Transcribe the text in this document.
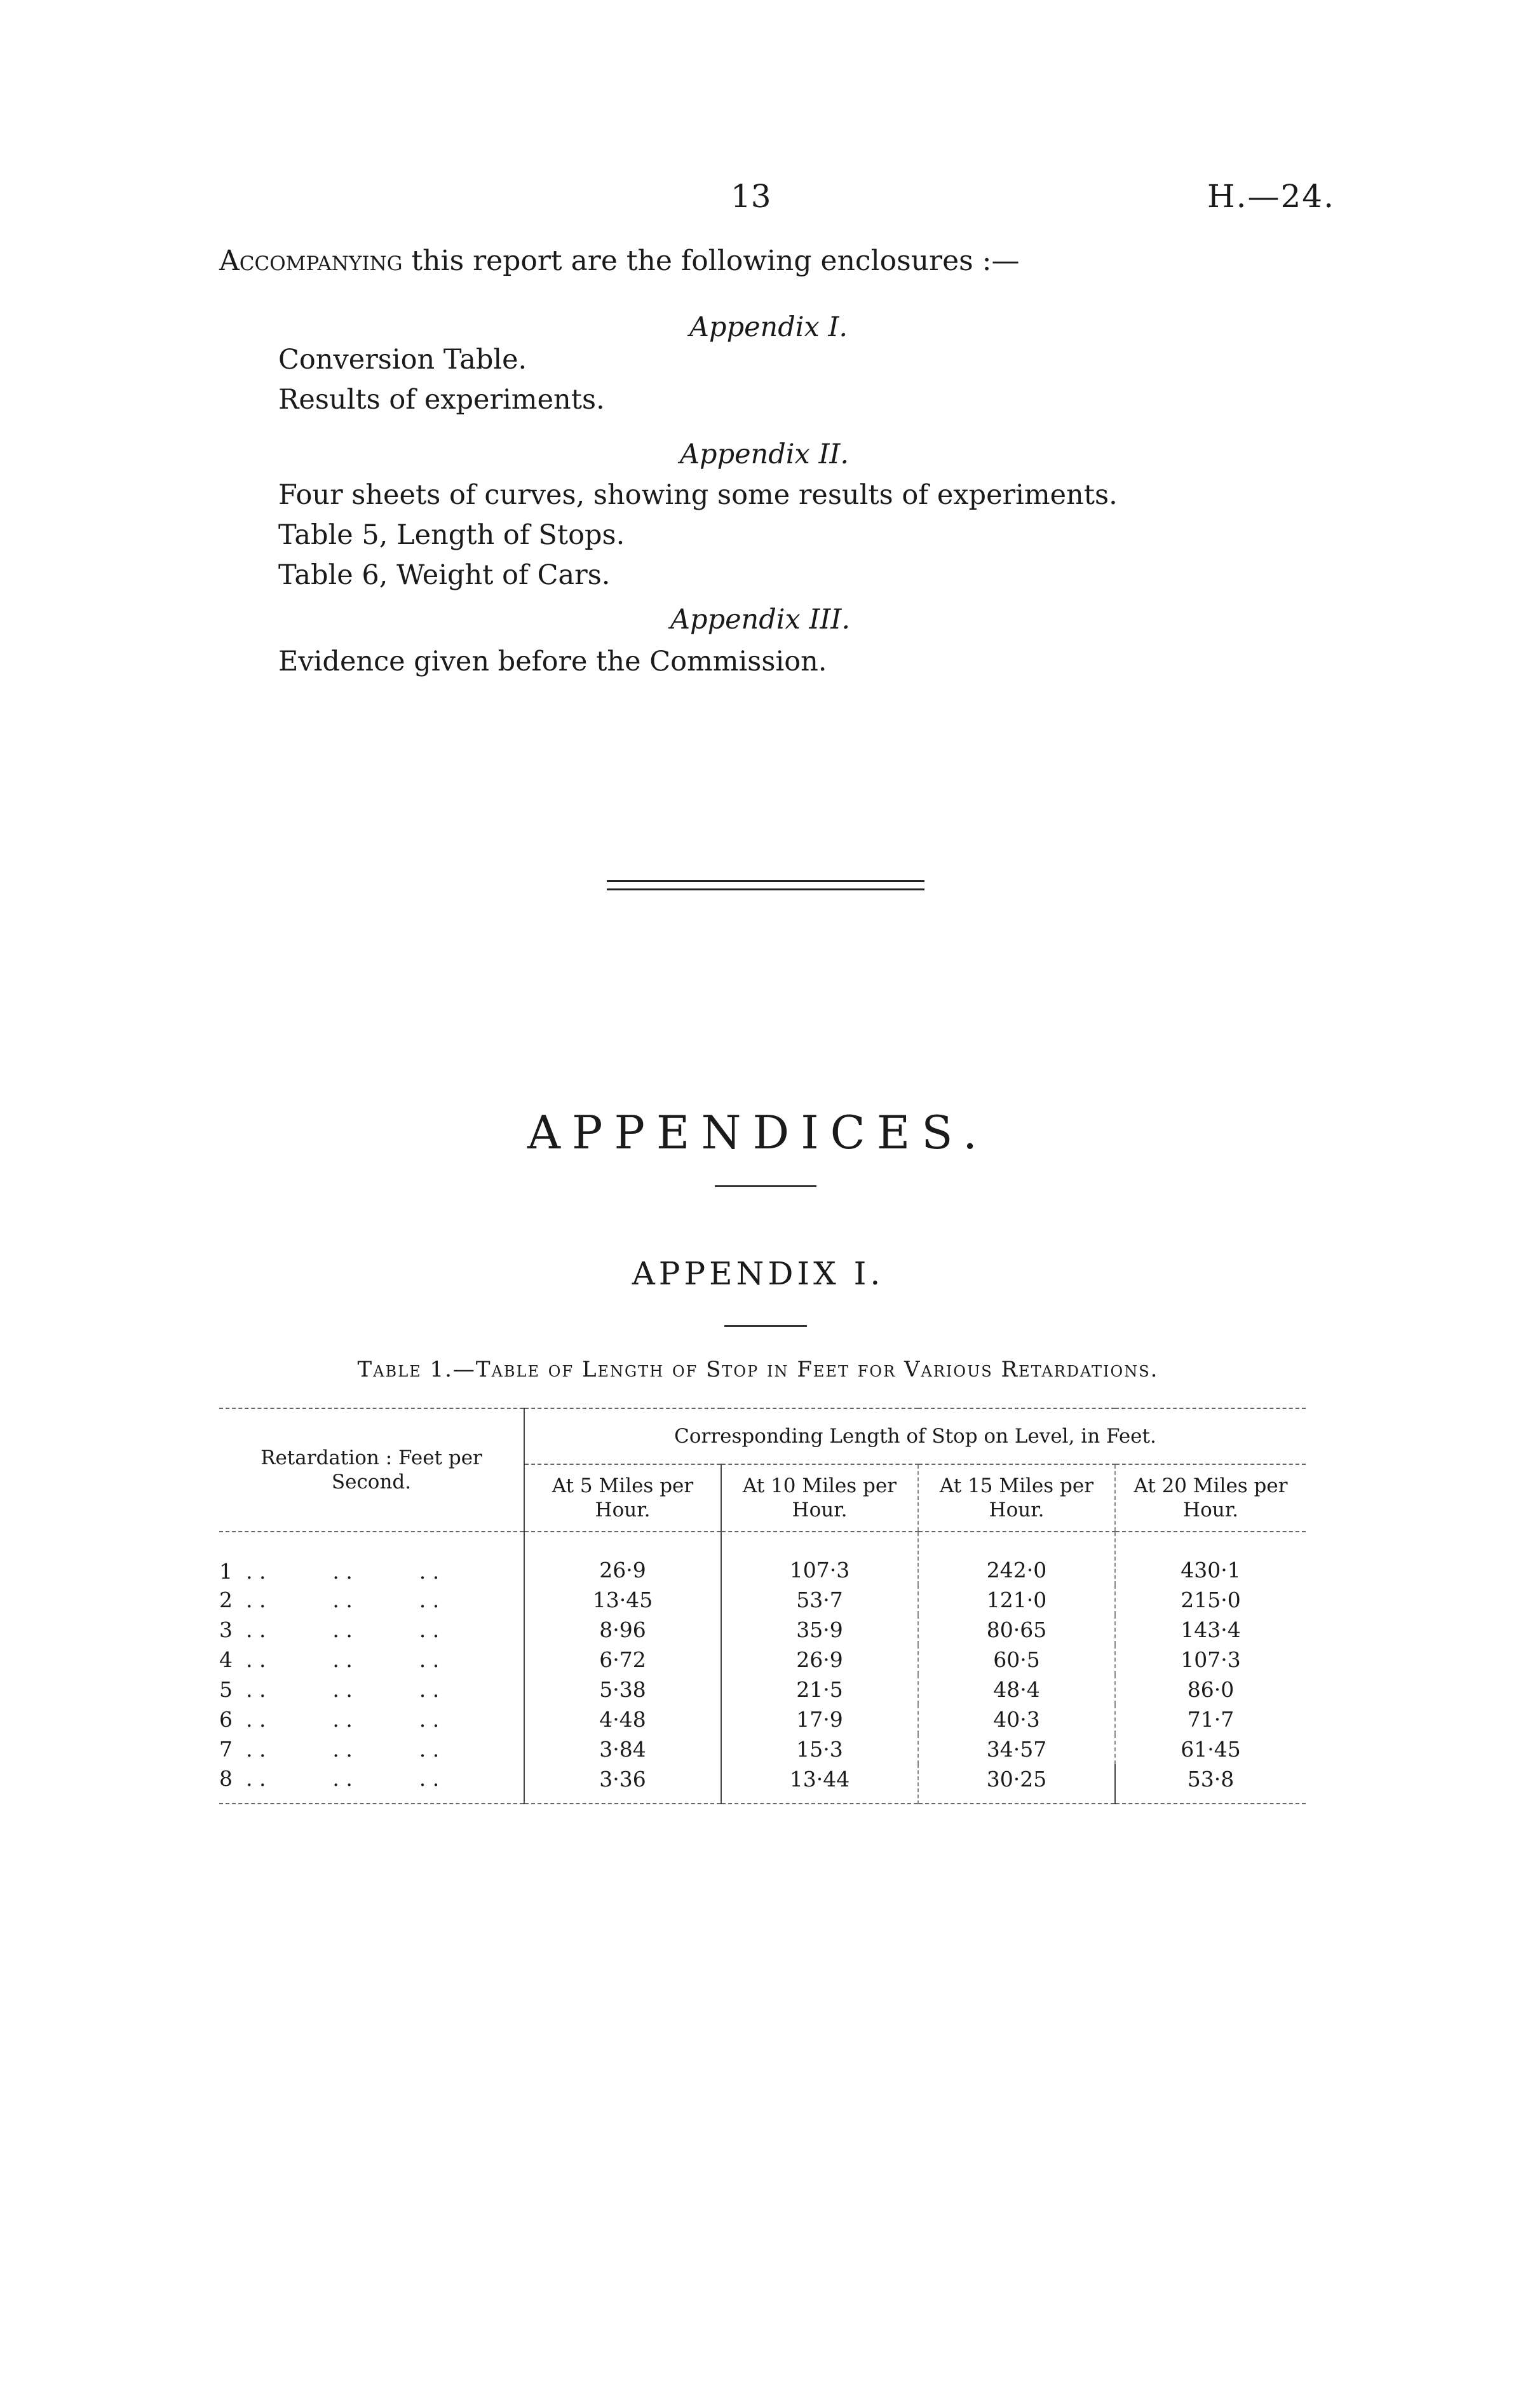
13	H.—24.
Accompanying this report are the following enclosures :—
Appendix I.
Conversion Table.
Results of experiments.
Appendix II.
Four sheets of curves, showing some results of experiments.
Table 5, Length of Stops.
Table 6, Weight of Cars.
Appendix III.
Evidence given before the Commission.
APPENDICES.
APPENDIX I.
Table 1.—Table of Length of Stop in Feet for Various Retardations.
Retardation : Feet per Second.	Corresponding Length of Stop on Level, in Feet.			
	At 5 Miles per Hour.	At 10 Miles per Hour.	At 15 Miles per Hour.	At 20 Miles per Hour.
1  . .          . .          . .	26·9	107·3	242·0	430·1
2  . .          . .          . .	13·45	53·7	121·0	215·0
3  . .          . .          . .	8·96	35·9	80·65	143·4
4  . .          . .          . .	6·72	26·9	60·5	107·3
5  . .          . .          . .	5·38	21·5	48·4	86·0
6  . .          . .          . .	4·48	17·9	40·3	71·7
7  . .          . .          . .	3·84	15·3	34·57	61·45
8  . .          . .          . .	3·36	13·44	30·25	53·8
